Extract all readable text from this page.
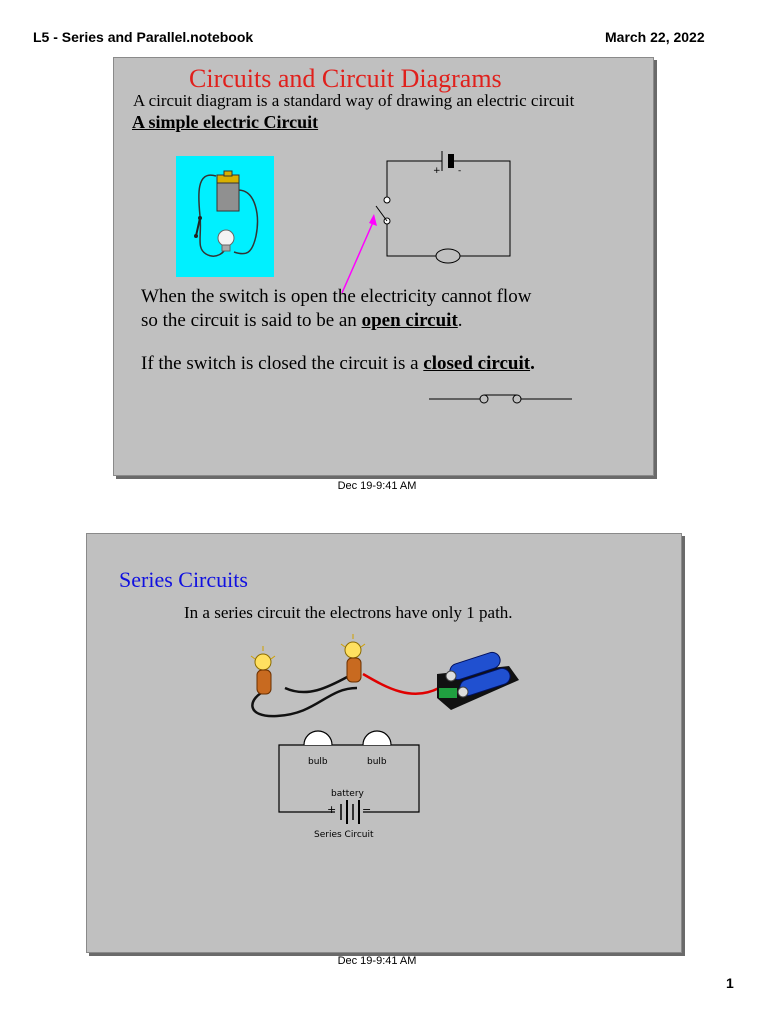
L5 - Series and Parallel.notebook	March 22, 2022
Circuits and Circuit Diagrams
A circuit diagram is a standard way of drawing an electric circuit
A simple electric Circuit
+ -
When the switch is open the electricity cannot flow
so the circuit is said to be an open circuit.
If the switch is closed the circuit is a closed circuit.
Dec 19-9:41 AM
Series Circuits
In a series circuit the electrons have only 1 path.
bulb	bulb
battery
+ −
Series Circuit
Dec 19-9:41 AM
1
